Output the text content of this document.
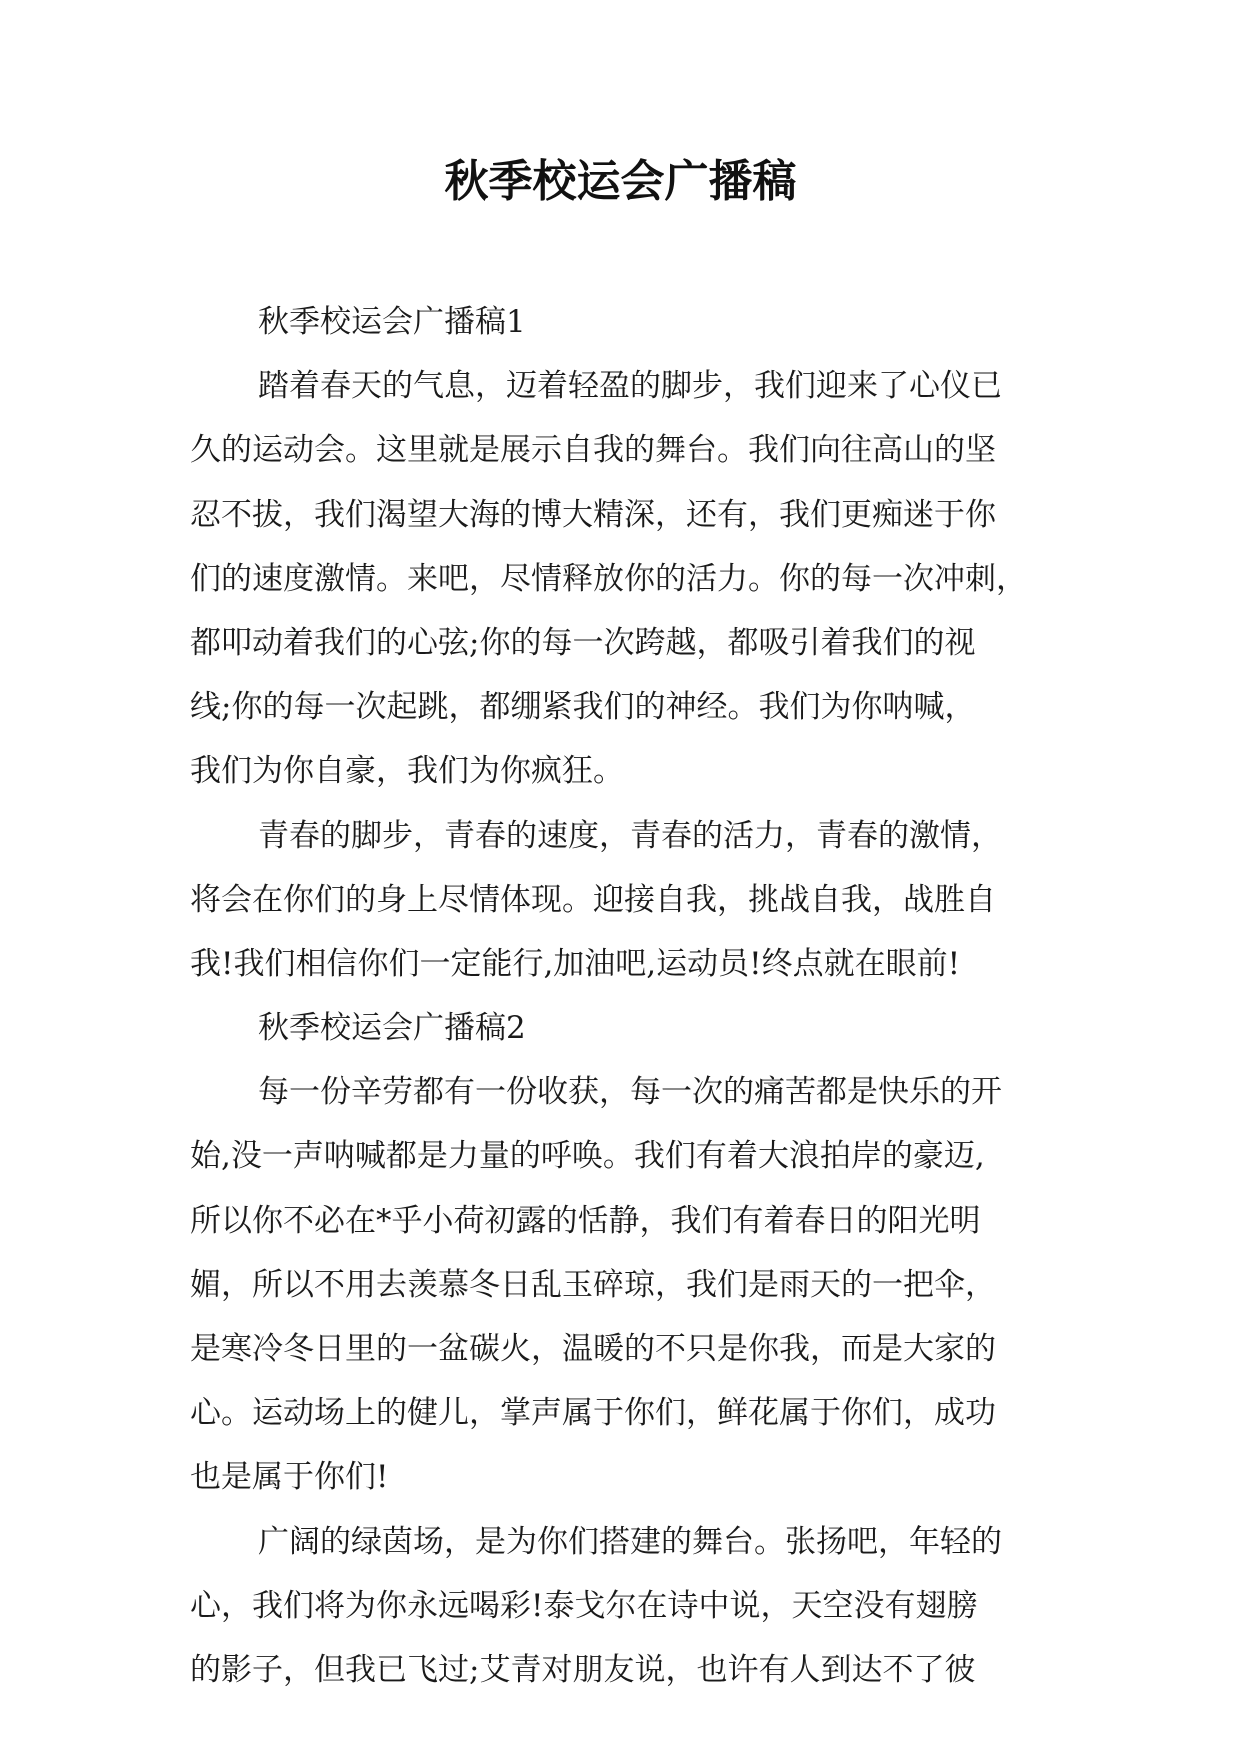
秋季校运会广播稿
秋季校运会广播稿1
踏着春天的气息，迈着轻盈的脚步，我们迎来了心仪已
久的运动会。这里就是展示自我的舞台。我们向往高山的坚
忍不拔，我们渴望大海的博大精深，还有，我们更痴迷于你
们的速度激情。来吧，尽情释放你的活力。你的每一次冲刺，
都叩动着我们的心弦;你的每一次跨越，都吸引着我们的视
线;你的每一次起跳，都绷紧我们的神经。我们为你呐喊，
我们为你自豪，我们为你疯狂。
青春的脚步，青春的速度，青春的活力，青春的激情，
将会在你们的身上尽情体现。迎接自我，挑战自我，战胜自
我!我们相信你们一定能行,加油吧,运动员!终点就在眼前!
秋季校运会广播稿2
每一份辛劳都有一份收获，每一次的痛苦都是快乐的开
始,没一声呐喊都是力量的呼唤。我们有着大浪拍岸的豪迈,
所以你不必在*乎小荷初露的恬静，我们有着春日的阳光明
媚，所以不用去羡慕冬日乱玉碎琼，我们是雨天的一把伞，
是寒冷冬日里的一盆碳火，温暖的不只是你我，而是大家的
心。运动场上的健儿，掌声属于你们，鲜花属于你们，成功
也是属于你们!
广阔的绿茵场，是为你们搭建的舞台。张扬吧，年轻的
心，我们将为你永远喝彩!泰戈尔在诗中说，天空没有翅膀
的影子，但我已飞过;艾青对朋友说，也许有人到达不了彼
